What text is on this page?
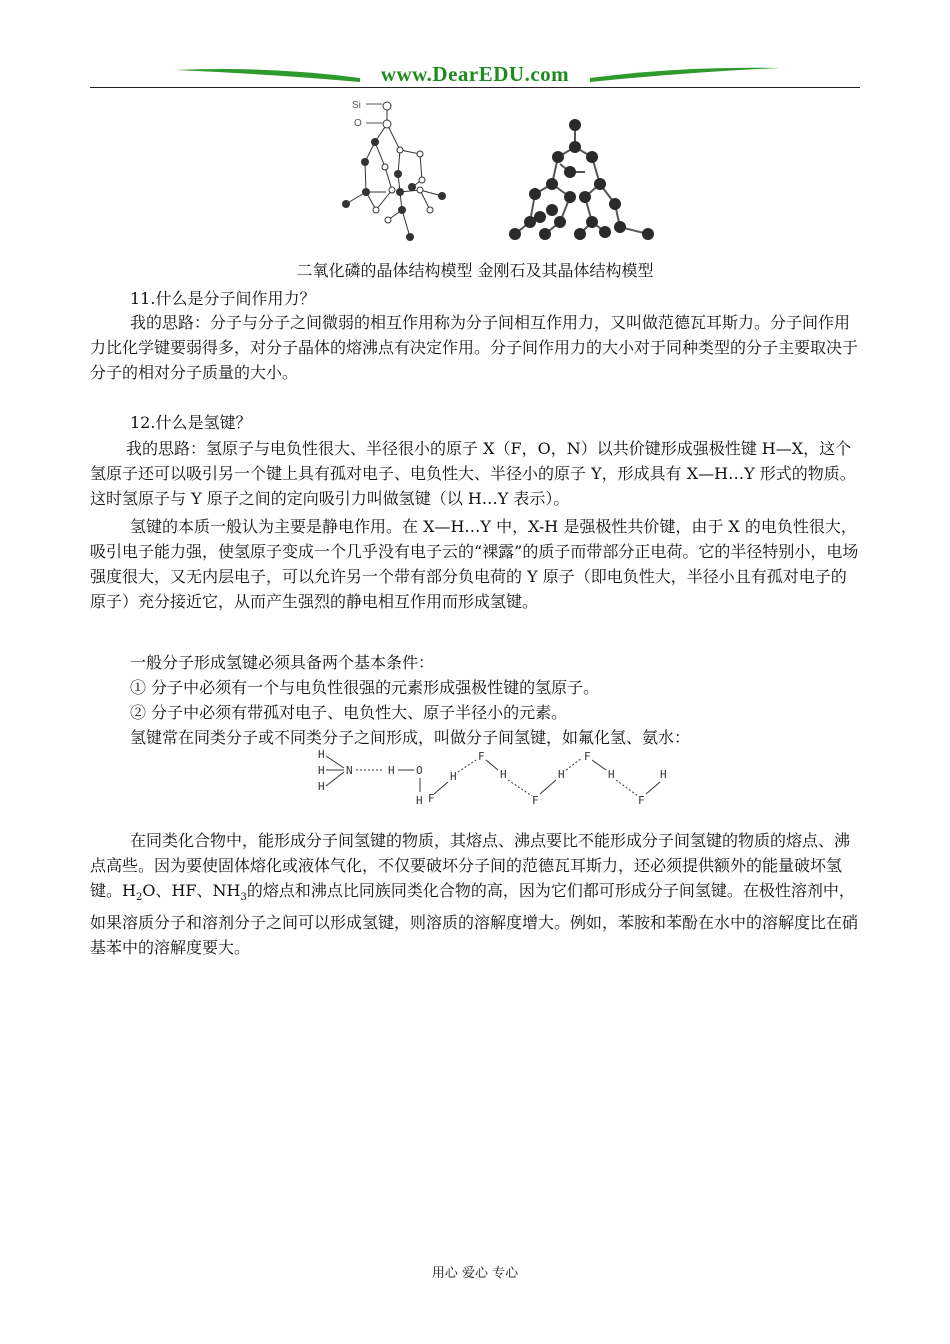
www.DearEDU.com
Si
O
二氧化磷的晶体结构模型 金刚石及其晶体结构模型
11.什么是分子间作用力？
我的思路：分子与分子之间微弱的相互作用称为分子间相互作用力，又叫做范德瓦耳斯力。分子间作用力比化学键要弱得多，对分子晶体的熔沸点有决定作用。分子间作用力的大小对于同种类型的分子主要取决于分子的相对分子质量的大小。
12.什么是氢键？
我的思路：氢原子与电负性很大、半径很小的原子 X（F，O，N）以共价键形成强极性键 H—X，这个氢原子还可以吸引另一个键上具有孤对电子、电负性大、半径小的原子 Y，形成具有 X—H…Y 形式的物质。这时氢原子与 Y 原子之间的定向吸引力叫做氢键（以 H…Y 表示）。
氢键的本质一般认为主要是静电作用。在 X—H…Y 中，X-H 是强极性共价键，由于 X 的电负性很大，吸引电子能力强，使氢原子变成一个几乎没有电子云的“裸露”的质子而带部分正电荷。它的半径特别小，电场强度很大，又无内层电子，可以允许另一个带有部分负电荷的 Y 原子（即电负性大，半径小且有孤对电子的原子）充分接近它，从而产生强烈的静电相互作用而形成氢键。
一般分子形成氢键必须具备两个基本条件：
① 分子中必须有一个与电负性很强的元素形成强极性键的氢原子。
② 分子中必须有带孤对电子、电负性大、原子半径小的元素。
氢键常在同类分子或不同类分子之间形成，叫做分子间氢键，如氟化氢、氨水：
H
H
H
N	H O
H F
H
F
H
F
H
F
H
F
H
在同类化合物中，能形成分子间氢键的物质，其熔点、沸点要比不能形成分子间氢键的物质的熔点、沸点高些。因为要使固体熔化或液体气化，不仅要破坏分子间的范德瓦耳斯力，还必须提供额外的能量破坏氢键。$H_2O$、HF、$NH_3$的熔点和沸点比同族同类化合物的高，因为它们都可形成分子间氢键。在极性溶剂中，如果溶质分子和溶剂分子之间可以形成氢键，则溶质的溶解度增大。例如，苯胺和苯酚在水中的溶解度比在硝基苯中的溶解度要大。
用心 爱心 专心
